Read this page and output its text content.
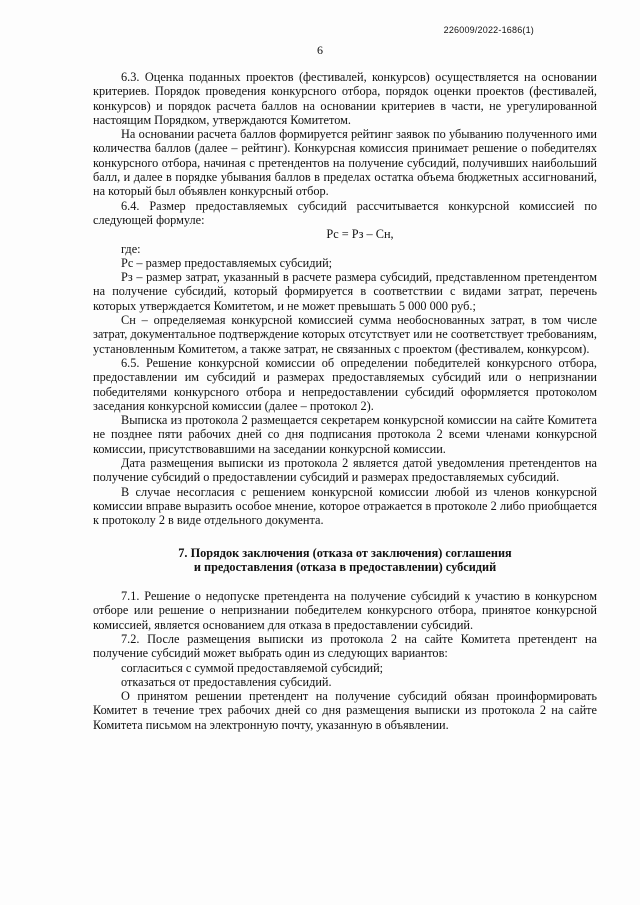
226009/2022-1686(1)
6

6.3. Оценка поданных проектов (фестивалей, конкурсов) осуществляется на основании критериев. Порядок проведения конкурсного отбора, порядок оценки проектов (фестивалей, конкурсов) и порядок расчета баллов на основании критериев в части, не урегулированной настоящим Порядком, утверждаются Комитетом.

На основании расчета баллов формируется рейтинг заявок по убыванию полученного ими количества баллов (далее – рейтинг). Конкурсная комиссия принимает решение о победителях конкурсного отбора, начиная с претендентов на получение субсидий, получивших наибольший балл, и далее в порядке убывания баллов в пределах остатка объема бюджетных ассигнований, на который был объявлен конкурсный отбор.

6.4. Размер предоставляемых субсидий рассчитывается конкурсной комиссией по следующей формуле:

Рс = Рз – Сн,

где:

Рс – размер предоставляемых субсидий;

Рз – размер затрат, указанный в расчете размера субсидий, представленном претендентом на получение субсидий, который формируется в соответствии с видами затрат, перечень которых утверждается Комитетом, и не может превышать 5 000 000 руб.;

Сн – определяемая конкурсной комиссией сумма необоснованных затрат, в том числе затрат, документальное подтверждение которых отсутствует или не соответствует требованиям, установленным Комитетом, а также затрат, не связанных с проектом (фестивалем, конкурсом).

6.5. Решение конкурсной комиссии об определении победителей конкурсного отбора, предоставлении им субсидий и размерах предоставляемых субсидий или о непризнании победителями конкурсного отбора и непредоставлении субсидий оформляется протоколом заседания конкурсной комиссии (далее – протокол 2).

Выписка из протокола 2 размещается секретарем конкурсной комиссии на сайте Комитета не позднее пяти рабочих дней со дня подписания протокола 2 всеми членами конкурсной комиссии, присутствовавшими на заседании конкурсной комиссии.

Дата размещения выписки из протокола 2 является датой уведомления претендентов на получение субсидий о предоставлении субсидий и размерах предоставляемых субсидий.

В случае несогласия с решением конкурсной комиссии любой из членов конкурсной комиссии вправе выразить особое мнение, которое отражается в протоколе 2 либо приобщается к протоколу 2 в виде отдельного документа.

7. Порядок заключения (отказа от заключения) соглашения
и предоставления (отказа в предоставлении) субсидий

7.1. Решение о недопуске претендента на получение субсидий к участию в конкурсном отборе или решение о непризнании победителем конкурсного отбора, принятое конкурсной комиссией, является основанием для отказа в предоставлении субсидий.

7.2. После размещения выписки из протокола 2 на сайте Комитета претендент на получение субсидий может выбрать один из следующих вариантов:

согласиться с суммой предоставляемой субсидий;

отказаться от предоставления субсидий.

О принятом решении претендент на получение субсидий обязан проинформировать Комитет в течение трех рабочих дней со дня размещения выписки из протокола 2 на сайте Комитета письмом на электронную почту, указанную в объявлении.
